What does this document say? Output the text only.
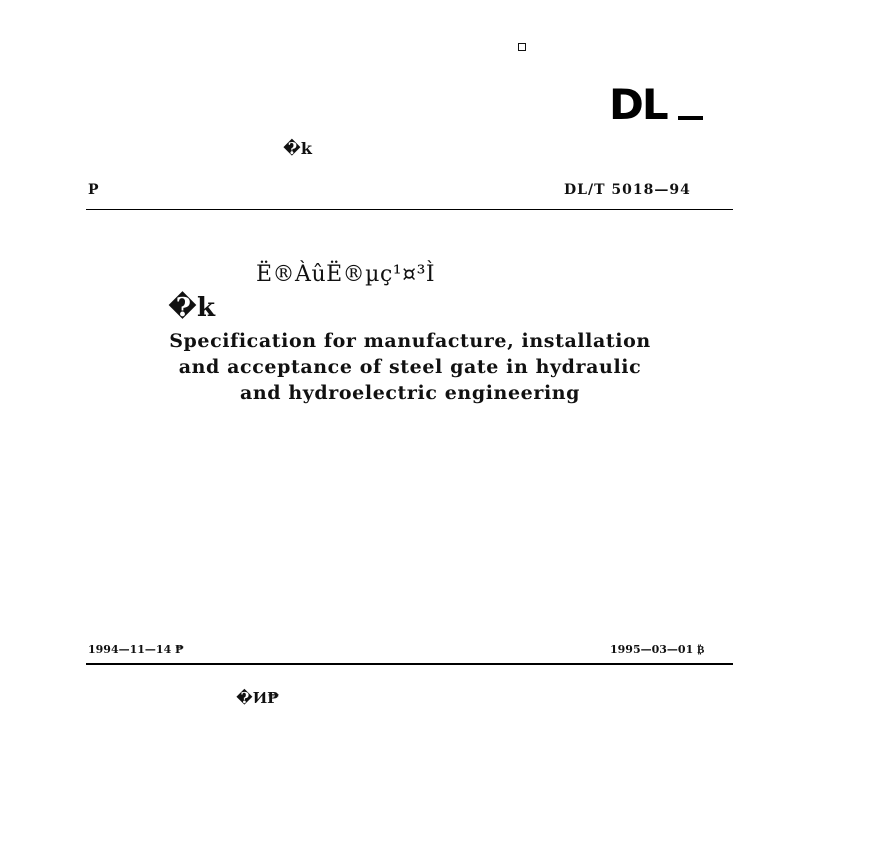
DL
�k
P	DL/T 5018—94
Ë®ÀûË®µç¹¤³Ì
�k
Specification for manufacture, installation
and acceptance of steel gate in hydraulic
and hydroelectric engineering
1994—11—14 ₱	1995—03—01 ₿
�Ͷ₱
